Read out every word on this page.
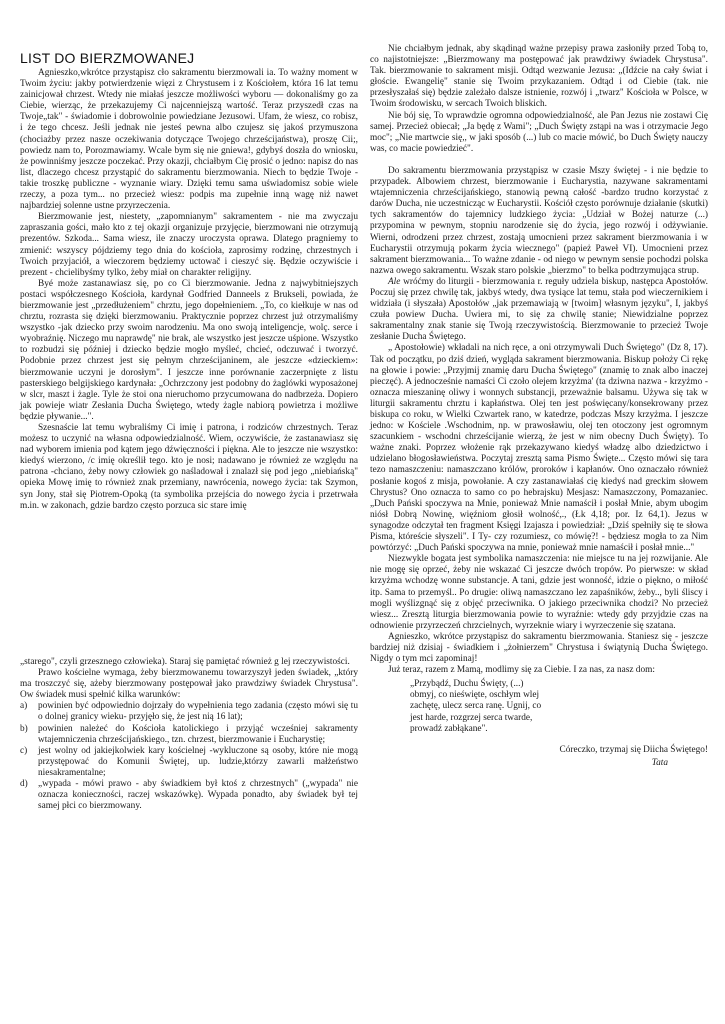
LIST DO BIERZMOWANEJ

Agnieszko,wkrótce przystąpisz cło sakramentu bierzmowali ia. To ważny moment w Twoim życiu: jakby potwierdzenie więzi z Chrystusem i z Kościołem, która 16 lat temu zainicjował chrzest. Wtedy nie miałaś jeszcze możliwości wyboru — dokonaliśmy go za Ciebie, wierząc, że przekazujemy Ci najcenniejszą wartość. Teraz przyszedł czas na Twoje„tak" - świadomie i dobrowolnie powiedziane Jezusowi. Ufam, że wiesz, co robisz, i że tego chcesz. Jeśli jednak nie jesteś pewna albo czujesz się jakoś przymuszona (chociażby przez nasze oczekiwania dotyczące Twojego chrześcijaństwa), proszę Cii;, powiedz nam to, Porozmawiamy. Wcale bym się nie gniewa!, gdybyś doszła do wniosku, że powinniśmy jeszcze poczekać. Przy okazji, chciałbym Cię prosić o jedno: napisz do nas list, dlaczego chcesz przystąpić do sakramentu bierzmowania. Niech to będzie Twoje - takie troszkę publiczne - wyznanie wiary. Dzięki temu sama uświadomisz sobie wiele rzeczy, a poza tym... no przecież wiesz: podpis ma zupełnie inną wagę niż nawet najbardziej solenne ustne przyrzeczenia.

Bierzmowanie jest, niestety, „zapomnianym" sakramentem - nie ma zwyczaju zapraszania gości, mało kto z tej okazji organizuje przyjęcie, bierzmowani nie otrzymują prezentów. Szkoda... Sama wiesz, ile znaczy uroczysta oprawa. Dlatego pragniemy to zmienić: wszyscy pójdziemy tego dnia do kościoła, zaprosimy rodzinę, chrzestnych i Twoich przyjaciół, a wieczorem będziemy uctowač i cieszyć się. Będzie oczywiście i prezent - chcielibyśmy tylko, żeby miał on charakter religijny.

Byé może zastanawiasz się, po co Ci bierzmowanie. Jedna z najwybitniejszych postaci współczesnego Kościoła, kardynał Godfried Danneels z Brukseli, powiada, że bierzmowanie jest „przedłużeniem" chrztu, jego dopełnieniem. „To, co kiełkuje w nas od chrztu, rozrasta się dzięki bierzmowaniu. Praktycznie poprzez chrzest już otrzymaliśmy wszystko -jak dziecko przy swoim narodzeniu. Ma ono swoją inteligencje, wolç. serce i wyobraźnię. Niczego mu naprawdę" nie brak, ale wszystko jest jeszcze uśpione. Wszystko to rozbudzi się później i dziecko będzie mogło myśleć, chcieć, odczuwać i tworzyć. Podobnie przez chrzest jest się pełnym chrześcijaninem, ale jeszcze «dzieckiem»: bierzmowanie uczyni je dorosłym". I jeszcze inne porównanie zaczerpnięte z listu pasterskiego belgijskiego kardynała: „Ochrzczony jest podobny do żaglówki wyposażonej w slcr, maszt i żagle. Tyle że stoi ona nieruchomo przycumowana do nadbrzeża. Dopiero jak powieje wiatr Zesłania Ducha Świętego, wtedy żagle nabiorą powietrza i możliwe będzie pływanie...".

Szesnaście lat temu wybraliśmy Ci imię i patrona, i rodziców chrzestnych. Teraz możesz to uczynić na własna odpowiedzialność. Wiem, oczywiście, że zastanawiasz się nad wyborem imienia pod kątem jego dźwięczności i piękna. Ale to jeszcze nie wszystko: kiedyś wierzono, /c imię określił tego. kto je nosi; nadawano je również ze względu na patrona -chciano, żeby nowy człowiek go naśladował i znalazł się pod jego „niebiańską" opieka Mowę imię to również znak przemiany, nawrócenia, nowego życia: tak Szymon, syn Jony, stał się Piotrem-Opoką (ta symbolika przejścia do nowego życia i przetrwała m.in. w zakonach, gdzie bardzo często porzuca sic stare imię

„starego", czyli grzesznego człowieka). Staraj się pamiętać również g lej rzeczywistości.

Prawo kościelne wymaga, żeby bierzmowanemu towarzyszył jeden świadek, „który ma troszczyć się, ażeby bierzmowany postępował jako prawdziwy świadek Chrystusa". Ow świadek musi spełnić kilka warunków:

a) powinien być odpowiednio dojrzały do wypełnienia tego zadania (często mówi się tu o dolnej granicy wieku- przyjęło się, że jest nią 16 lat);
b) powinien należeć do Kościoła katolickiego i przyjąć wcześniej sakramenty wtajemniczenia chrześcijańskiego., tzn. chrzest, bierzmowanie i Eucharystię;
c) jest wolny od jakiejkolwiek kary kościelnej -wykluczone są osoby, które nie mogą przystępować do Komunii Świętej, up. ludzie,którzy zawarli małżeństwo niesakramentalne;
d) „wypada - mówi prawo - aby świadkiem był ktoś z chrzestnych" („wypada" nie oznacza konieczności, raczej wskazówkę). Wypada ponadto, aby świadek był tej samej płci co bierzmowany.

Nie chciałbym jednak, aby skądinąd ważne przepisy prawa zasłoniły przed Tobą to, co najistotniejsze: „Bierzmowany ma postępować jak prawdziwy świadek Chrystusa". Tak. bierzmowanie to sakrament misji. Odtąd wezwanie Jezusa: „(Idźcie na cały świat i głoście. Ewangelię" stanie się Twoim przykazaniem. Odtąd i od Ciebie (tak. nie przesłyszałaś się) będzie zależało dalsze istnienie, rozwój i „twarz" Kościoła w Polsce, w Twoim środowisku, w sercach Twoich bliskich.

Nie bój się, To wprawdzie ogromna odpowiedzialność, ale Pan Jezus nie zostawi Cię samej. Przecież obiecał; „Ja będę z Wami"; „Duch Święty zstąpi na was i otrzymacie Jego moc"; „Nie martwcie się,, w jaki sposób (...) lub co macie mówić, bo Duch Święty nauczy was, co macie powiedzieć".

Do sakramentu bierzmowania przystąpisz w czasie Mszy świętej - i nie będzie to przypadek. Albowiem chrzest, bierzmowanie i Eucharystia, nazywane sakramentami wtajemniczenia chrześcijańskiego, stanowią pewną całość -bardzo trudno korzystać z darów Ducha, nie uczestnicząc w Eucharystii. Kościół często porównuje działanie (skutki) tych sakramentów do tajemnicy ludzkiego życia: „Udział w Bożej naturze (...) przypomina w pewnym, stopniu narodzenie się do życia, jego rozwój i odżywianie. Wierni, odrodzeni przez chrzest, zostają umocnieni przez sakrament bierzmowania i w Eucharystii otrzymują pokarm życia wiecznego" (papież Paweł VI). Umocnieni przez sakrament bierzmowania... To ważne zdanie - od niego w pewnym sensie pochodzi polska nazwa owego sakramentu. Wszak staro polskie „bierzmo" to belka podtrzymująca strup.

Ale wróćmy do liturgii - bierzmowania r. reguły udziela biskup, następca Apostołów. Poczuj się przez chwilę tak, jakbyś wtedy, dwa tysiące lat temu, stała pod wieczernikiem i widziała (i słyszała) Apostołów „jak przemawiają w [twoim] własnym języku", I, jakbyś czuła powiew Ducha. Uwiera mi, to się za chwilę stanie; Niewidzialne poprzez sakramentalny znak stanie się Twoją rzeczywistością. Bierzmowanie to przecież Twoje zesłanie Ducha Świętego.

„ Apostołowie) wkładali na nich ręce, a oni otrzymywali Duch Świętego" (Dz 8, 17). Tak od początku, po dziś dzień, wygląda sakrament bierzmowania. Biskup położy Ci rękę na głowie i powie: „Przyjmij znamię daru Ducha Świętego" (znamię to znak albo inaczej pieczęć). A jednocześnie namaści Ci czoło olejem krzyżma' (ta dziwna nazwa - krzyżmo - oznacza mieszaninę oliwy i wonnych substancji, przeważnie balsamu. Używa się tak w liturgii sakramentu chrztu i kapłaństwa. Olej ten jest poświęcany/konsekrowany przez biskupa co roku, w Wielki Czwartek rano, w katedrze, podczas Mszy krzyżma. I jeszcze jedno: w Kościele .Wschodnim, np. w prawosławiu, olej ten otoczony jest ogromnym szacunkiem - wschodni chrześcijanie wierzą, że jest w nim obecny Duch Święty). To ważne znaki. Poprzez włożenie rąk przekazywano kiedyś władzę albo dziedzictwo i udzielano błogosławieństwa. Poczytaj zresztą sama Pismo Święte... Często mówi się tara tezo namaszczeniu: namaszczano królów, proroków i kapłanów. Ono oznaczało również posłanie kogoś z misja, powołanie. A czy zastanawiałaś cię kiedyś nad greckim słowem Chrystus? Ono oznacza to samo co po hebrajsku) Mesjasz: Namaszczony, Pomazaniec. „Duch Pański spoczywa na Mnie, ponieważ Mnie namaścił i posłał Mnie, abym ubogim niósł Dobrą Nowinę, więźniom głosił wolność,., (Łk 4,18; por. Iz 64,1). Jezus w synagodze odczytał ten fragment Księgi Izajasza i powiedział: „Dziś spełniły się te słowa Pisma, któreście słyszeli". I Ty- czy rozumiesz, co mówię?! - będziesz mogła to za Nim powtórzyć: „Duch Pański spoczywa na mnie, ponieważ mnie namaścił i posłał mnie..."

Niezwykle bogata jest symbolika namaszczenia: nie miejsce tu na jej rozwijanie. Ale nie mogę się oprzeć, żeby nie wskazać Ci jeszcze dwóch tropów. Po pierwsze: w skład krzyżma wchodzę wonne substancje. A tani, gdzie jest wonność, idzie o piękno, o miłość itp. Sama to przemyśl.. Po drugie: oliwą namaszczano lez zapaśników, żeby.., byli śliscy i mogli wyślizgnąć się z objęć przeciwnika. O jakiego przeciwnika chodzi? No przecież wiesz... Zresztą liturgia bierzmowania powie to wyraźnie: wtedy gdy przyjdzie czas na odnowienie przyrzeczeń chrzcielnych, wyrzeknie wiary i wyrzeczenie się szatana.

Agnieszko, wkrótce przystąpisz do sakramentu bierzmowania. Staniesz się - jeszcze bardziej niż dzisiaj - świadkiem i „żołnierzem" Chrystusa i świątynią Ducha Świętego. Nigdy o tym mci zapominaj!

Już teraz, razem z Mamą, modlimy się za Ciebie. I za nas, za nasz dom:

„Przybądź, Duchu Święty, (...)
obmyj, co nieświęte, oschłym wlej
zachętę, ulecz serca ranę. Ugnij, co
jest harde, rozgrzej serca twarde,
prowadź zabłąkane".
Córeczko, trzymaj się Diicha Świętego!
Tata
